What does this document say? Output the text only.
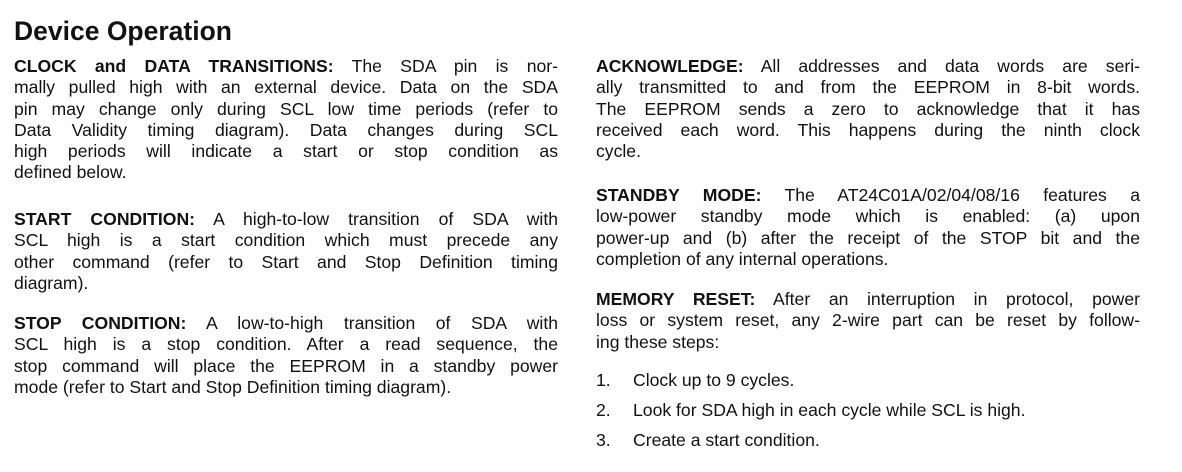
Device Operation
CLOCK and DATA TRANSITIONS: The SDA pin is nor-
mally pulled high with an external device. Data on the SDA
pin may change only during SCL low time periods (refer to
Data Validity timing diagram). Data changes during SCL
high periods will indicate a start or stop condition as
defined below.
START CONDITION: A high-to-low transition of SDA with
SCL high is a start condition which must precede any
other command (refer to Start and Stop Definition timing
diagram).
STOP CONDITION: A low-to-high transition of SDA with
SCL high is a stop condition. After a read sequence, the
stop command will place the EEPROM in a standby power
mode (refer to Start and Stop Definition timing diagram).
ACKNOWLEDGE: All addresses and data words are seri-
ally transmitted to and from the EEPROM in 8-bit words.
The EEPROM sends a zero to acknowledge that it has
received each word. This happens during the ninth clock
cycle.
STANDBY MODE: The AT24C01A/02/04/08/16 features a
low-power standby mode which is enabled: (a) upon
power-up and (b) after the receipt of the STOP bit and the
completion of any internal operations.
MEMORY RESET: After an interruption in protocol, power
loss or system reset, any 2-wire part can be reset by follow-
ing these steps:
1. Clock up to 9 cycles.
2. Look for SDA high in each cycle while SCL is high.
3. Create a start condition.
